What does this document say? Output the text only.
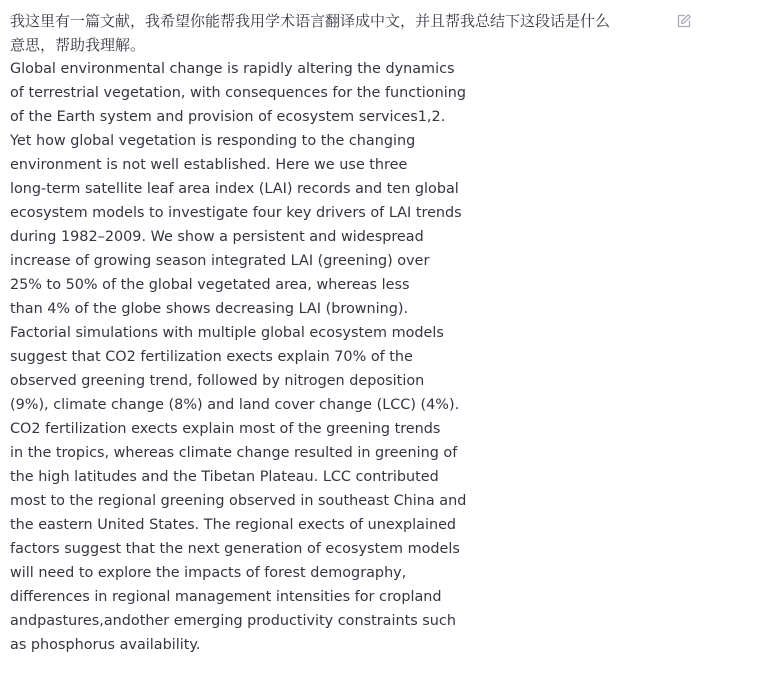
我这里有一篇文献，我希望你能帮我用学术语言翻译成中文，并且帮我总结下这段话是什么

意思，帮助我理解。

Global environmental change is rapidly altering the dynamics

of terrestrial vegetation, with consequences for the functioning

of the Earth system and provision of ecosystem services1,2.

Yet how global vegetation is responding to the changing

environment is not well established. Here we use three

long-term satellite leaf area index (LAI) records and ten global

ecosystem models to investigate four key drivers of LAI trends

during 1982–2009. We show a persistent and widespread

increase of growing season integrated LAI (greening) over

25% to 50% of the global vegetated area, whereas less

than 4% of the globe shows decreasing LAI (browning).

Factorial simulations with multiple global ecosystem models

suggest that CO2 fertilization exects explain 70% of the

observed greening trend, followed by nitrogen deposition

(9%), climate change (8%) and land cover change (LCC) (4%).

CO2 fertilization exects explain most of the greening trends

in the tropics, whereas climate change resulted in greening of

the high latitudes and the Tibetan Plateau. LCC contributed

most to the regional greening observed in southeast China and

the eastern United States. The regional exects of unexplained

factors suggest that the next generation of ecosystem models

will need to explore the impacts of forest demography,

differences in regional management intensities for cropland

andpastures,andother emerging productivity constraints such

as phosphorus availability.
